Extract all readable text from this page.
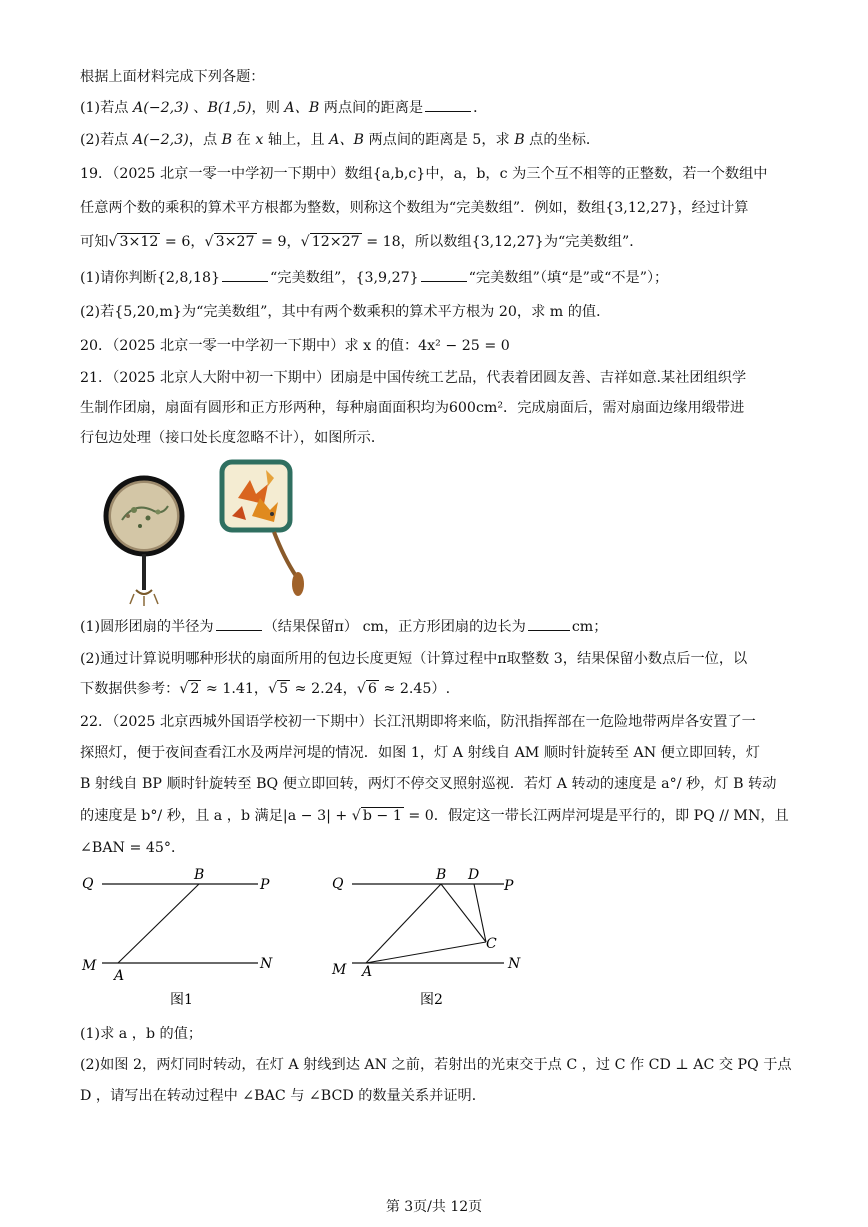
根据上面材料完成下列各题：
(1)若点 A(−2,3) 、B(1,5)，则 A、B 两点间的距离是	．
(2)若点 A(−2,3)，点 B 在 x 轴上，且 A、B 两点间的距离是 5，求 B 点的坐标．
19．（2025 北京一零一中学初一下期中）数组{a,b,c}中，a，b，c 为三个互不相等的正整数，若一个数组中
任意两个数的乘积的算术平方根都为整数，则称这个数组为“完美数组”．例如，数组{3,12,27}，经过计算
可知√ 3×12 = 6，√ 3×27 = 9，√ 12×27 = 18，所以数组{3,12,27}为“完美数组”．
(1)请你判断{2,8,18}	“完美数组”，{3,9,27}	“完美数组”（填“是”或“不是”）；
(2)若{5,20,m}为“完美数组”，其中有两个数乘积的算术平方根为 20，求 m 的值．
20．（2025 北京一零一中学初一下期中）求 x 的值：4x² − 25 = 0
21．（2025 北京人大附中初一下期中）团扇是中国传统工艺品，代表着团圆友善、吉祥如意.某社团组织学
生制作团扇，扇面有圆形和正方形两种，每种扇面面积均为600cm²．完成扇面后，需对扇面边缘用缎带进
行包边处理（接口处长度忽略不计），如图所示．
(1)圆形团扇的半径为	（结果保留π） cm，正方形团扇的边长为	cm；
(2)通过计算说明哪种形状的扇面所用的包边长度更短（计算过程中π取整数 3，结果保留小数点后一位，以
下数据供参考：√ 2 ≈ 1.41，√ 5 ≈ 2.24，√ 6 ≈ 2.45）.
22．（2025 北京西城外国语学校初一下期中）长江汛期即将来临，防汛指挥部在一危险地带两岸各安置了一
探照灯，便于夜间查看江水及两岸河堤的情况．如图 1，灯 A 射线自 AM 顺时针旋转至 AN 便立即回转，灯
B 射线自 BP 顺时针旋转至 BQ 便立即回转，两灯不停交叉照射巡视．若灯 A 转动的速度是 a°/ 秒，灯 B 转动
的速度是 b°/ 秒，且 a ，b 满足|a − 3| + √ b − 1 = 0．假定这一带长江两岸河堤是平行的，即 PQ // MN，且
∠BAN = 45°．
Q
B
P
M
A
N
图1
Q
B D
P
C
M A	N
图2
(1)求 a ，b 的值；
(2)如图 2，两灯同时转动，在灯 A 射线到达 AN 之前，若射出的光束交于点 C ，过 C 作 CD ⊥ AC 交 PQ 于点
D ，请写出在转动过程中 ∠BAC 与 ∠BCD 的数量关系并证明．
第 3页/共 12页
